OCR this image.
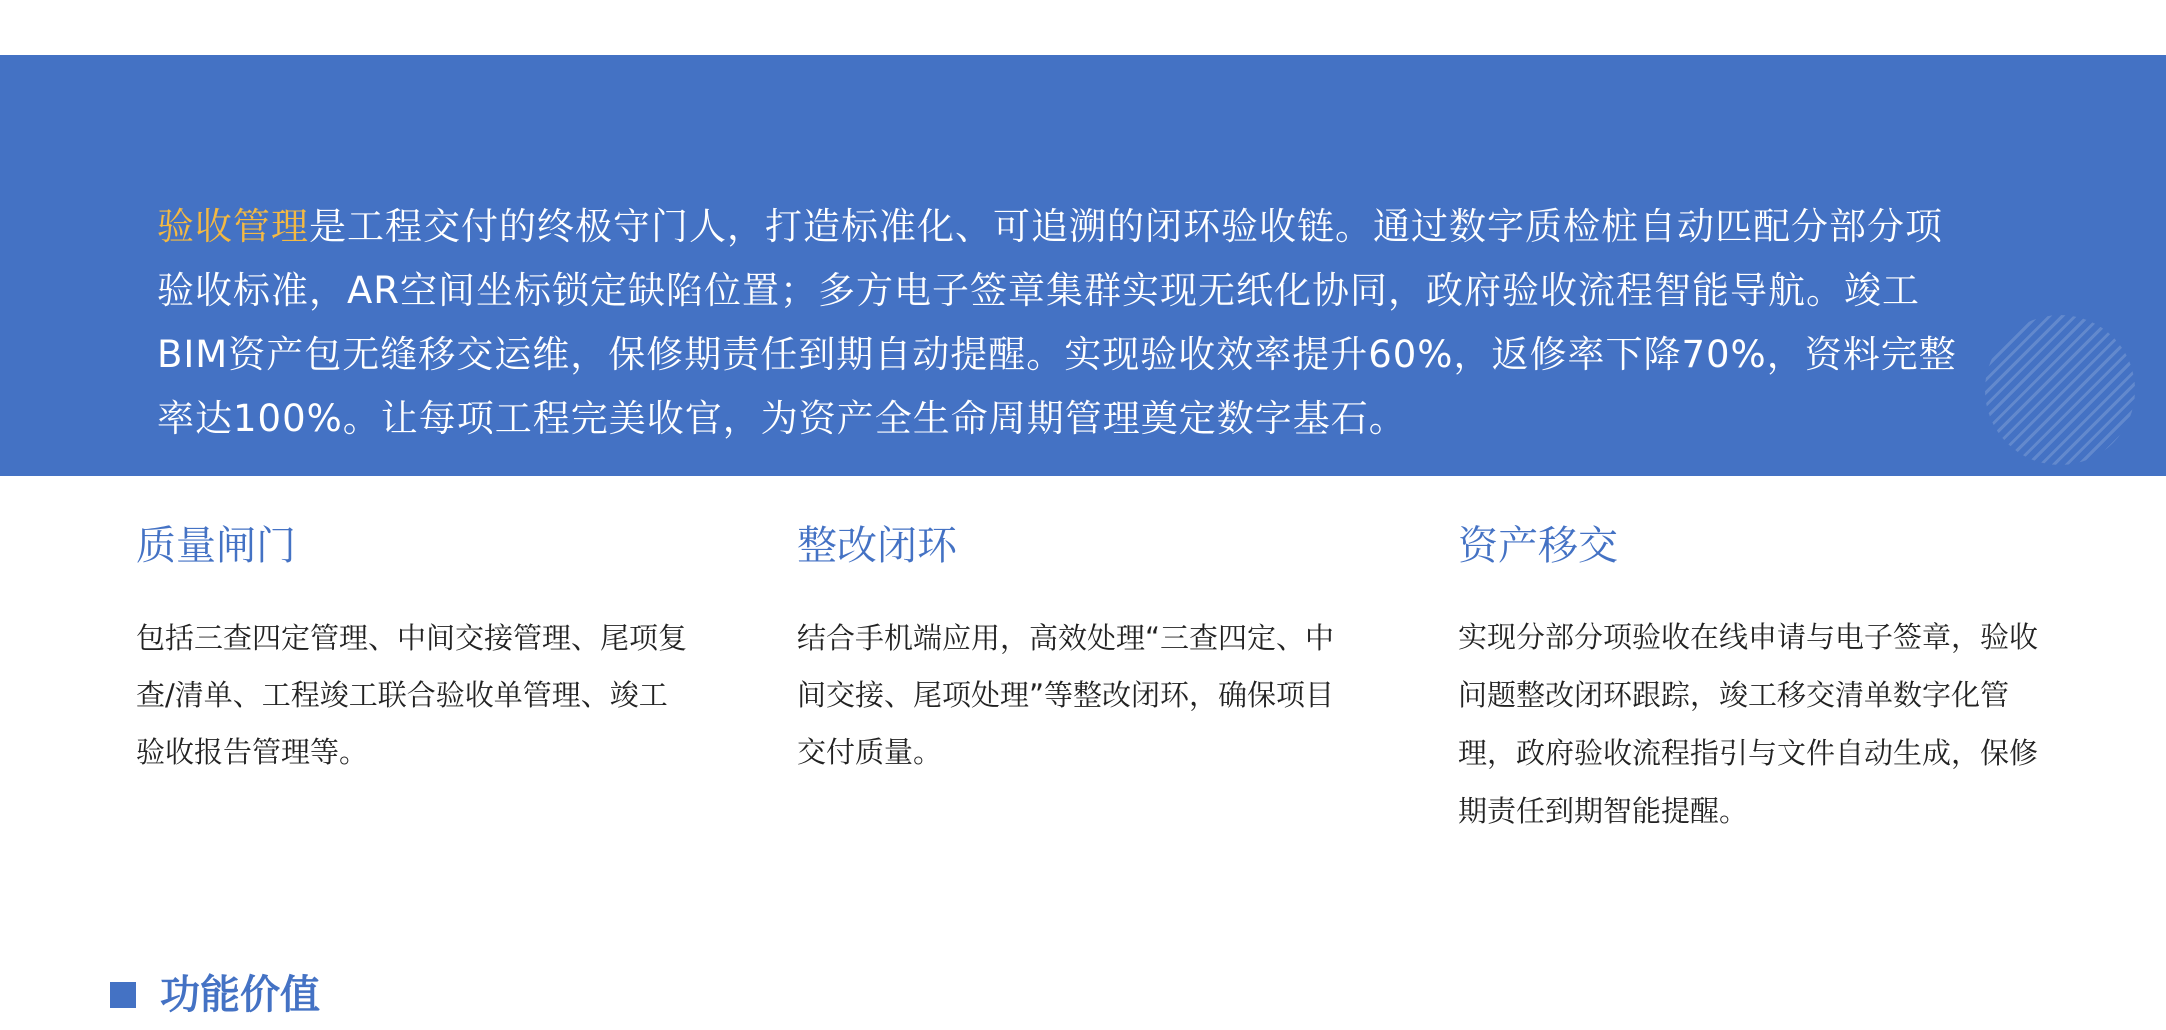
验收管理是工程交付的终极守门人，打造标准化、可追溯的闭环验收链。通过数字质检桩自动匹配分部分项验收标准，AR空间坐标锁定缺陷位置；多方电子签章集群实现无纸化协同，政府验收流程智能导航。竣工BIM资产包无缝移交运维，保修期责任到期自动提醒。实现验收效率提升60%，返修率下降70%，资料完整率达100%。让每项工程完美收官，为资产全生命周期管理奠定数字基石。

质量闸门

包括三查四定管理、中间交接管理、尾项复查/清单、工程竣工联合验收单管理、竣工验收报告管理等。

整改闭环

结合手机端应用，高效处理“三查四定、中间交接、尾项处理”等整改闭环，确保项目交付质量。

资产移交

实现分部分项验收在线申请与电子签章，验收问题整改闭环跟踪，竣工移交清单数字化管理，政府验收流程指引与文件自动生成，保修期责任到期智能提醒。

功能价值
